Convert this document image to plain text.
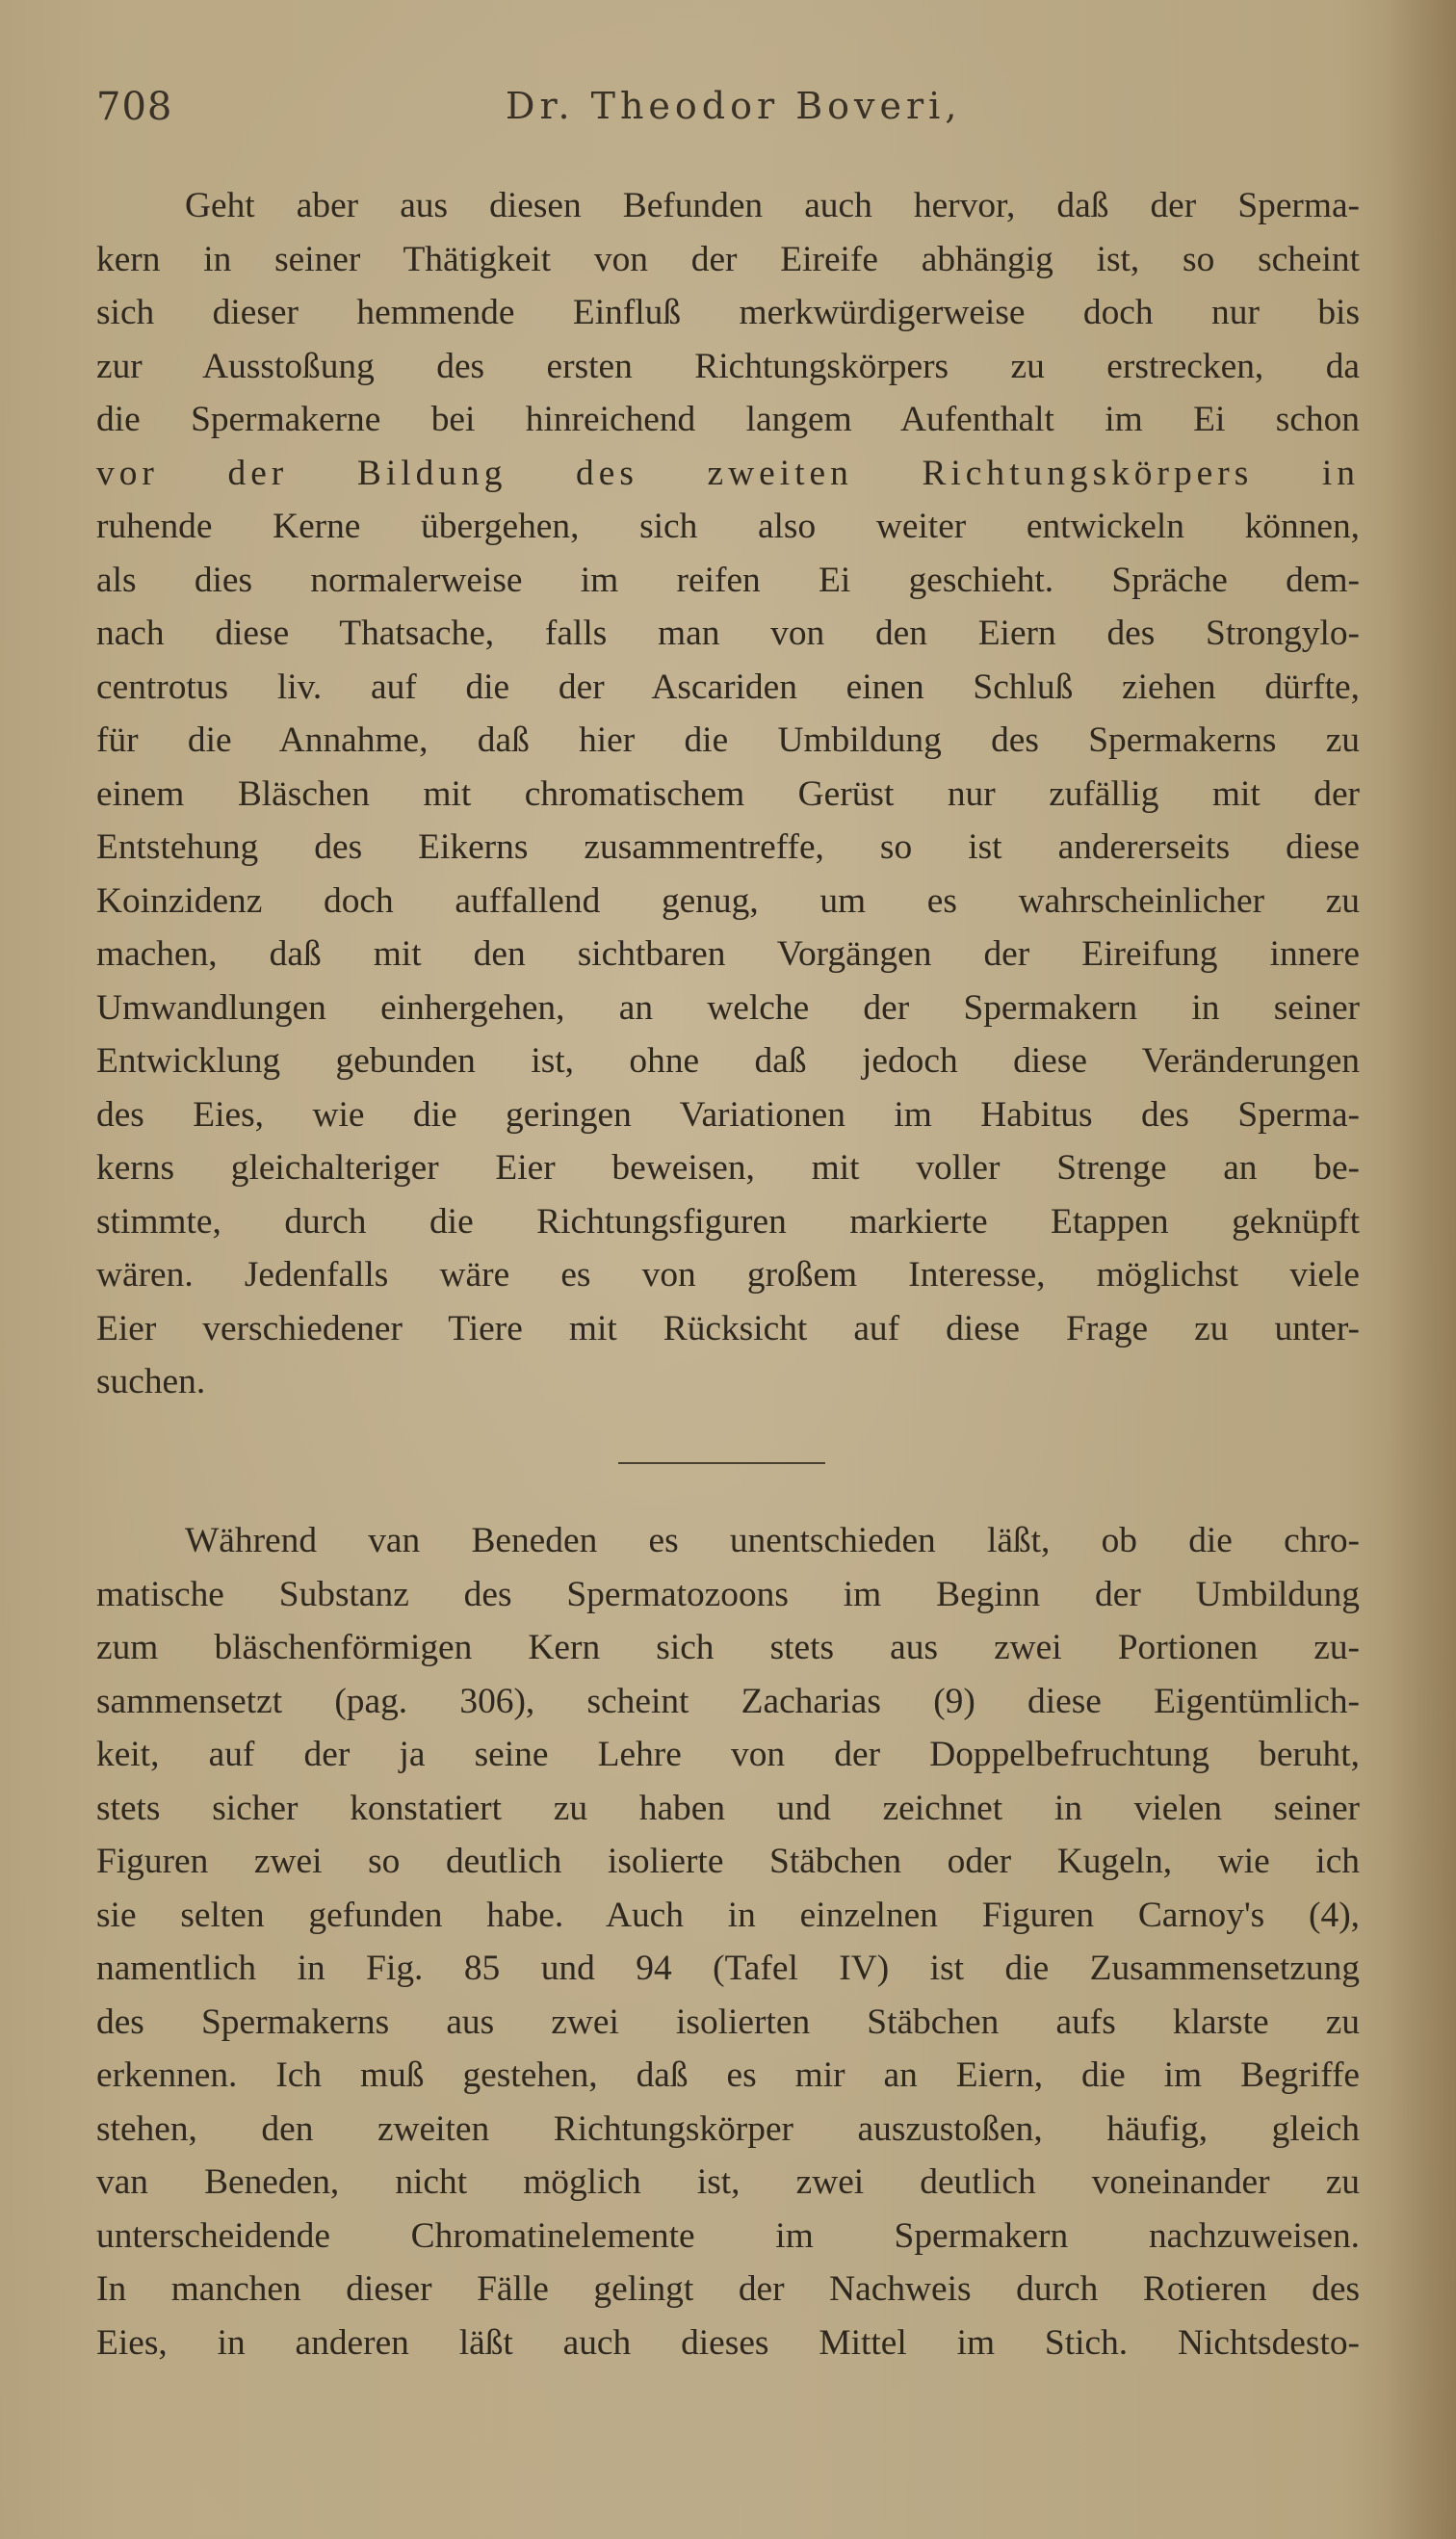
708	Dr. Theodor Boveri,
Geht aber aus diesen Befunden auch hervor, daß der Sperma-
kern in seiner Thätigkeit von der Eireife abhängig ist, so scheint
sich dieser hemmende Einfluß merkwürdigerweise doch nur bis
zur Ausstoßung des ersten Richtungskörpers zu erstrecken, da
die Spermakerne bei hinreichend langem Aufenthalt im Ei schon
vor der Bildung des zweiten Richtungskörpers in
ruhende Kerne übergehen, sich also weiter entwickeln können,
als dies normalerweise im reifen Ei geschieht. Spräche dem-
nach diese Thatsache, falls man von den Eiern des Strongylo-
centrotus liv. auf die der Ascariden einen Schluß ziehen dürfte,
für die Annahme, daß hier die Umbildung des Spermakerns zu
einem Bläschen mit chromatischem Gerüst nur zufällig mit der
Entstehung des Eikerns zusammentreffe, so ist andererseits diese
Koinzidenz doch auffallend genug, um es wahrscheinlicher zu
machen, daß mit den sichtbaren Vorgängen der Eireifung innere
Umwandlungen einhergehen, an welche der Spermakern in seiner
Entwicklung gebunden ist, ohne daß jedoch diese Veränderungen
des Eies, wie die geringen Variationen im Habitus des Sperma-
kerns gleichalteriger Eier beweisen, mit voller Strenge an be-
stimmte, durch die Richtungsfiguren markierte Etappen geknüpft
wären. Jedenfalls wäre es von großem Interesse, möglichst viele
Eier verschiedener Tiere mit Rücksicht auf diese Frage zu unter-
suchen.
Während van Beneden es unentschieden läßt, ob die chro-
matische Substanz des Spermatozoons im Beginn der Umbildung
zum bläschenförmigen Kern sich stets aus zwei Portionen zu-
sammensetzt (pag. 306), scheint Zacharias (9) diese Eigentümlich-
keit, auf der ja seine Lehre von der Doppelbefruchtung beruht,
stets sicher konstatiert zu haben und zeichnet in vielen seiner
Figuren zwei so deutlich isolierte Stäbchen oder Kugeln, wie ich
sie selten gefunden habe. Auch in einzelnen Figuren Carnoy's (4),
namentlich in Fig. 85 und 94 (Tafel IV) ist die Zusammensetzung
des Spermakerns aus zwei isolierten Stäbchen aufs klarste zu
erkennen. Ich muß gestehen, daß es mir an Eiern, die im Begriffe
stehen, den zweiten Richtungskörper auszustoßen, häufig, gleich
van Beneden, nicht möglich ist, zwei deutlich voneinander zu
unterscheidende Chromatinelemente im Spermakern nachzuweisen.
In manchen dieser Fälle gelingt der Nachweis durch Rotieren des
Eies, in anderen läßt auch dieses Mittel im Stich. Nichtsdesto-
